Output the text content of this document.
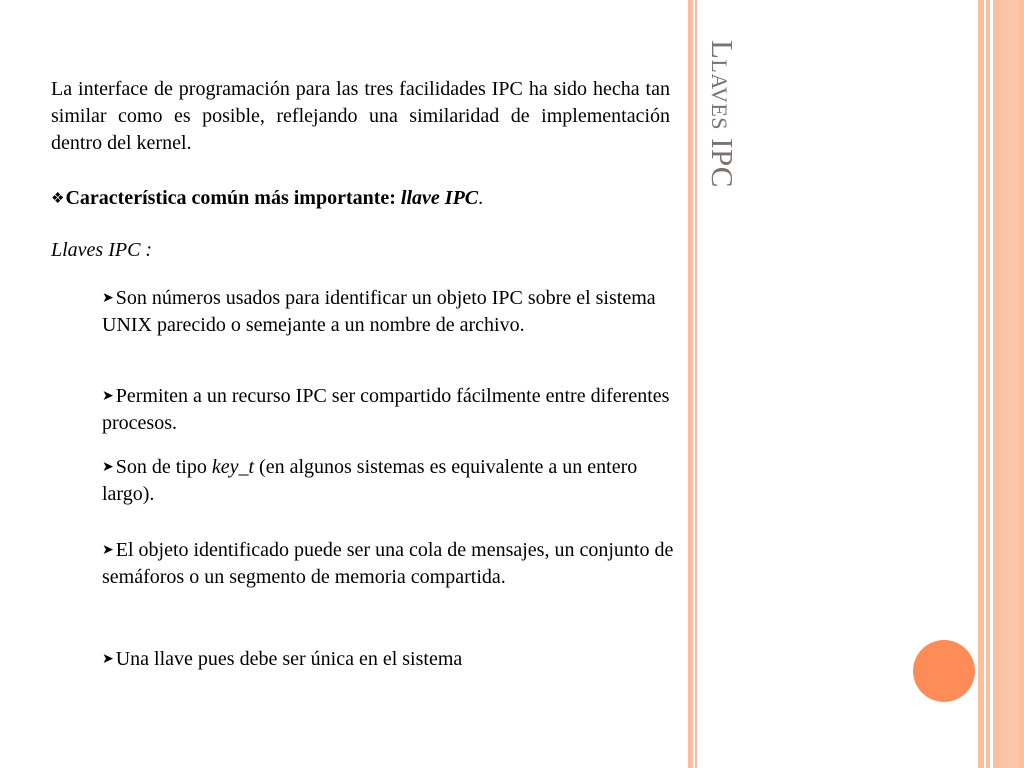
Llaves IPC

La interface de programación para las tres facilidades IPC ha sido hecha tan similar como es posible, reflejando una similaridad de implementación dentro del kernel.

❖Característica común más importante: llave IPC.
Llaves IPC :
➤ Son números usados para identificar un objeto IPC sobre el sistema UNIX parecido o semejante a un nombre de archivo.
➤ Permiten a un recurso IPC ser compartido fácilmente entre diferentes procesos.
➤ Son de tipo key_t (en algunos sistemas es equivalente a un entero largo).
➤ El objeto identificado puede ser una cola de mensajes, un conjunto de semáforos o un segmento de memoria compartida.
➤ Una llave pues debe ser única en el sistema
